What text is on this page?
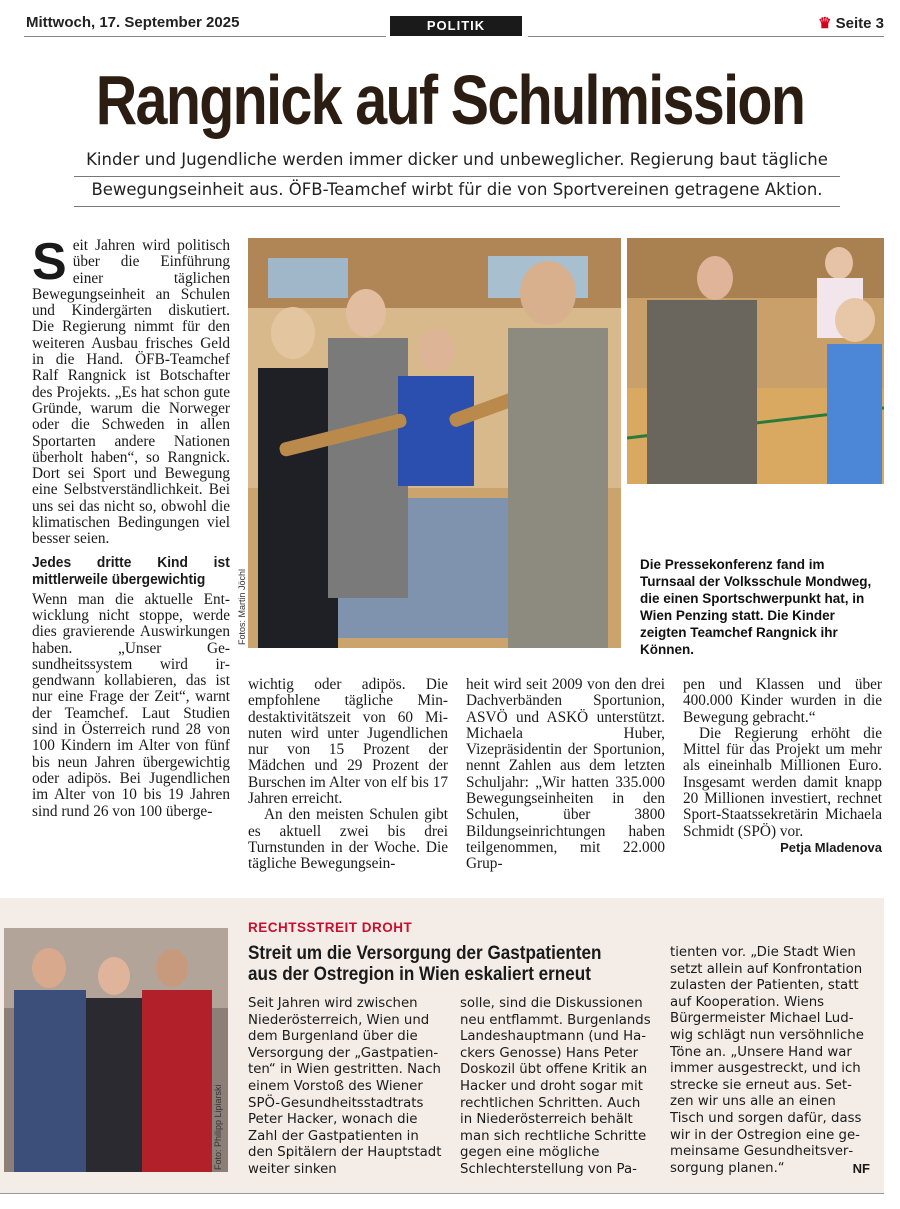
Mittwoch, 17. September 2025	POLITIK	♛ Seite 3
Rangnick auf Schulmission
Kinder und Jugendliche werden immer dicker und unbeweglicher. Regierung baut tägliche
Bewegungseinheit aus. ÖFB-Teamchef wirbt für die von Sportvereinen getragene Aktion.

Seit Jahren wird politisch über die Einführung einer täglichen Bewegungseinheit an Schulen und Kindergärten diskutiert. Die Regierung nimmt für den weiteren Ausbau frisches Geld in die Hand. ÖFB-Teamchef Ralf Rangnick ist Botschafter des Projekts. „Es hat schon gute Gründe, warum die Norweger oder die Schweden in allen Sportarten andere Nationen überholt haben“, so Rangnick. Dort sei Sport und Bewegung eine Selbstverständlichkeit. Bei uns sei das nicht so, obwohl die klimatischen Bedingungen viel besser seien.

Jedes dritte Kind ist mittlerweile übergewichtig

Wenn man die aktuelle Entwicklung nicht stoppe, werde dies gravierende Auswirkungen haben. „Unser Gesundheitssystem wird irgendwann kollabieren, das ist nur eine Frage der Zeit“, warnt der Teamchef. Laut Studien sind in Österreich rund 28 von 100 Kindern im Alter von fünf bis neun Jahren übergewichtig oder adipös. Bei Jugendlichen im Alter von 10 bis 19 Jahren sind rund 26 von 100 überge-

Fotos: Martin Jöchl
Die Pressekonferenz fand im Turnsaal der Volksschule Mondweg, die einen Sportschwerpunkt hat, in Wien Penzing statt. Die Kinder zeigten Teamchef Rangnick ihr Können.

wichtig oder adipös. Die empfohlene tägliche Mindestaktivitätszeit von 60 Minuten wird unter Jugendlichen nur von 15 Prozent der Mädchen und 29 Prozent der Burschen im Alter von elf bis 17 Jahren erreicht.

An den meisten Schulen gibt es aktuell zwei bis drei Turnstunden in der Woche. Die tägliche Bewegungsein-

heit wird seit 2009 von den drei Dachverbänden Sportunion, ASVÖ und ASKÖ unterstützt. Michaela Huber, Vizepräsidentin der Sportunion, nennt Zahlen aus dem letzten Schuljahr: „Wir hatten 335.000 Bewegungseinheiten in den Schulen, über 3800 Bildungseinrichtungen haben teilgenommen, mit 22.000 Grup-

pen und Klassen und über 400.000 Kinder wurden in die Bewegung gebracht.“

Die Regierung erhöht die Mittel für das Projekt um mehr als eineinhalb Millionen Euro. Insgesamt werden damit knapp 20 Millionen investiert, rechnet Sport-Staatssekretärin Michaela Schmidt (SPÖ) vor.

Petja Mladenova
Foto: Philipp Lipiarski
RECHTSSTREIT DROHT
Streit um die Versorgung der Gastpatienten aus der Ostregion in Wien eskaliert erneut

Seit Jahren wird zwischen Niederösterreich, Wien und dem Burgenland über die Versorgung der „Gastpatienten“ in Wien gestritten. Nach einem Vorstoß des Wiener SPÖ-Gesundheitsstadtrats Peter Hacker, wonach die Zahl der Gastpatienten in den Spitälern der Hauptstadt weiter sinken

solle, sind die Diskussionen neu entflammt. Burgenlands Landeshauptmann (und Hackers Genosse) Hans Peter Doskozil übt offene Kritik an Hacker und droht sogar mit rechtlichen Schritten. Auch in Niederösterreich behält man sich rechtliche Schritte gegen eine mögliche Schlechterstellung von Pa-

tienten vor. „Die Stadt Wien setzt allein auf Konfrontation zulasten der Patienten, statt auf Kooperation. Wiens Bürgermeister Michael Ludwig schlägt nun versöhnliche Töne an. „Unsere Hand war immer ausgestreckt, und ich strecke sie erneut aus. Setzen wir uns alle an einen Tisch und sorgen dafür, dass wir in der Ostregion eine gemeinsame Gesundheitsversorgung planen.“	NF
